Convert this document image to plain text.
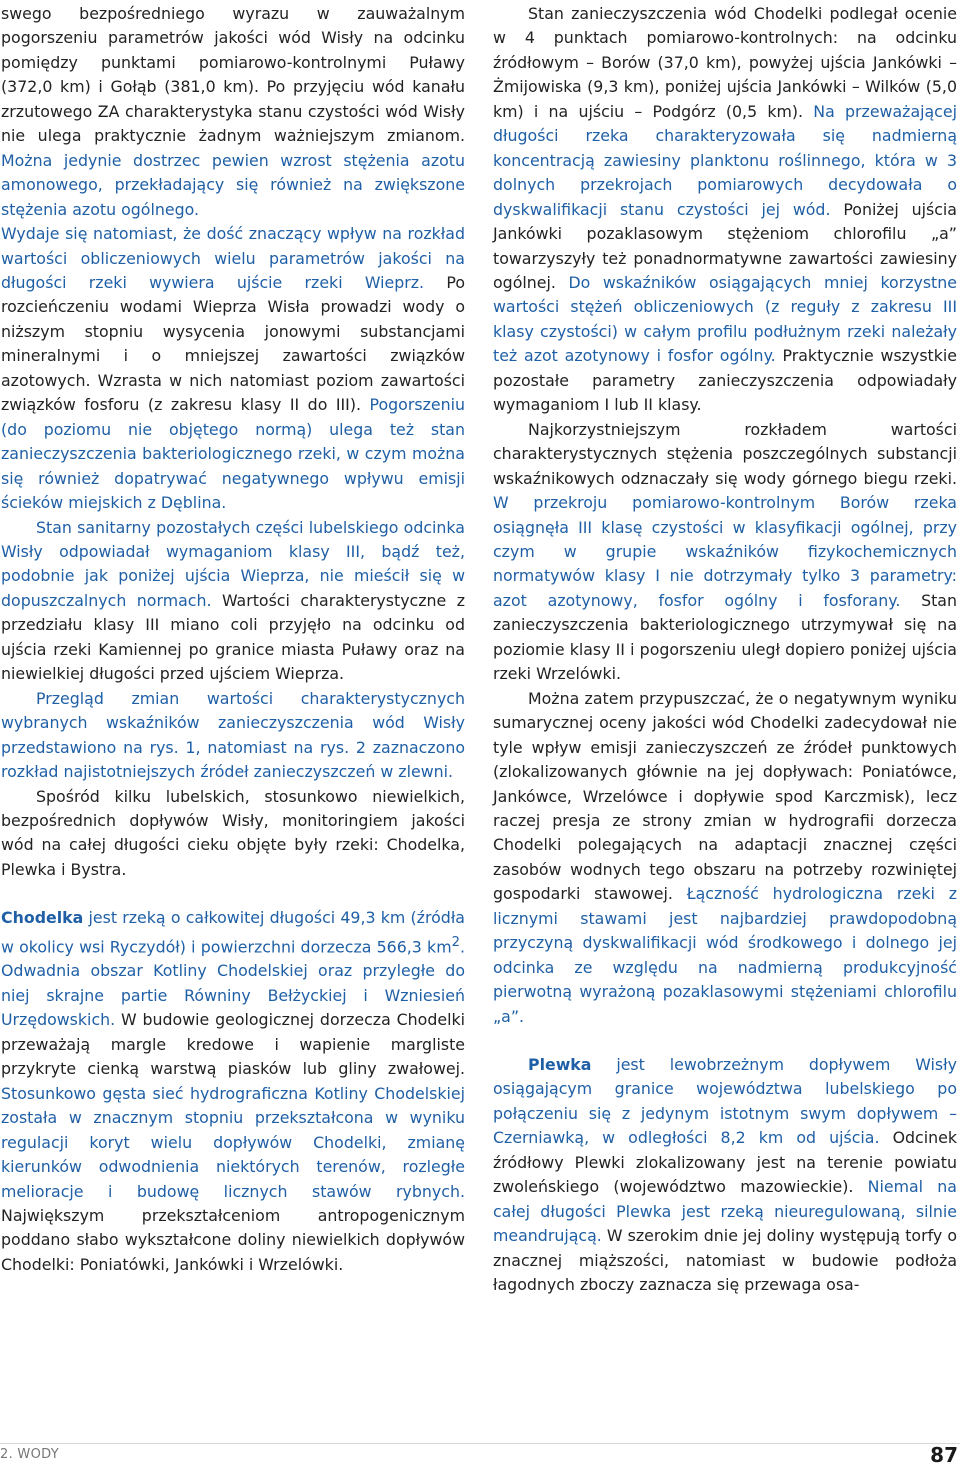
swego bezpośredniego wyrazu w zauważalnym pogorszeniu parametrów jakości wód Wisły na odcinku pomiędzy punktami pomiarowo-kontrolnymi Puławy (372,0 km) i Gołąb (381,0 km). Po przyjęciu wód kanału zrzutowego ZA charakterystyka stanu czystości wód Wisły nie ulega praktycznie żadnym ważniejszym zmianom. Można jedynie dostrzec pewien wzrost stężenia azotu amonowego, przekładający się również na zwiększone stężenia azotu ogólnego.

Wydaje się natomiast, że dość znaczący wpływ na rozkład wartości obliczeniowych wielu parametrów jakości na długości rzeki wywiera ujście rzeki Wieprz. Po rozcieńczeniu wodami Wieprza Wisła prowadzi wody o niższym stopniu wysycenia jonowymi substancjami mineralnymi i o mniejszej zawartości związków azotowych. Wzrasta w nich natomiast poziom zawartości związków fosforu (z zakresu klasy II do III). Pogorszeniu (do poziomu nie objętego normą) ulega też stan zanieczyszczenia bakteriologicznego rzeki, w czym można się również dopatrywać negatywnego wpływu emisji ścieków miejskich z Dęblina.

Stan sanitarny pozostałych części lubelskiego odcinka Wisły odpowiadał wymaganiom klasy III, bądź też, podobnie jak poniżej ujścia Wieprza, nie mieścił się w dopuszczalnych normach. Wartości charakterystyczne z przedziału klasy III miano coli przyjęło na odcinku od ujścia rzeki Kamiennej po granice miasta Puławy oraz na niewielkiej długości przed ujściem Wieprza.

Przegląd zmian wartości charakterystycznych wybranych wskaźników zanieczyszczenia wód Wisły przedstawiono na rys. 1, natomiast na rys. 2 zaznaczono rozkład najistotniejszych źródeł zanieczyszczeń w zlewni.

Spośród kilku lubelskich, stosunkowo niewielkich, bezpośrednich dopływów Wisły, monitoringiem jakości wód na całej długości cieku objęte były rzeki: Chodelka, Plewka i Bystra.

Chodelka jest rzeką o całkowitej długości 49,3 km (źródła w okolicy wsi Ryczydół) i powierzchni dorzecza 566,3 $km^2$. Odwadnia obszar Kotliny Chodelskiej oraz przyległe do niej skrajne partie Równiny Bełżyckiej i Wzniesień Urzędowskich. W budowie geologicznej dorzecza Chodelki przeważają margle kredowe i wapienie margliste przykryte cienką warstwą piasków lub gliny zwałowej. Stosunkowo gęsta sieć hydrograficzna Kotliny Chodelskiej została w znacznym stopniu przekształcona w wyniku regulacji koryt wielu dopływów Chodelki, zmianę kierunków odwodnienia niektórych terenów, rozległe melioracje i budowę licznych stawów rybnych. Największym przekształceniom antropogenicznym poddano słabo wykształcone doliny niewielkich dopływów Chodelki: Poniatówki, Jankówki i Wrzelówki.

Stan zanieczyszczenia wód Chodelki podlegał ocenie w 4 punktach pomiarowo-kontrolnych: na odcinku źródłowym – Borów (37,0 km), powyżej ujścia Jankówki – Żmijowiska (9,3 km), poniżej ujścia Jankówki – Wilków (5,0 km) i na ujściu – Podgórz (0,5 km). Na przeważającej długości rzeka charakteryzowała się nadmierną koncentracją zawiesiny planktonu roślinnego, która w 3 dolnych przekrojach pomiarowych decydowała o dyskwalifikacji stanu czystości jej wód. Poniżej ujścia Jankówki pozaklasowym stężeniom chlorofilu „a” towarzyszyły też ponadnormatywne zawartości zawiesiny ogólnej. Do wskaźników osiągających mniej korzystne wartości stężeń obliczeniowych (z reguły z zakresu III klasy czystości) w całym profilu podłużnym rzeki należały też azot azotynowy i fosfor ogólny. Praktycznie wszystkie pozostałe parametry zanieczyszczenia odpowiadały wymaganiom I lub II klasy.

Najkorzystniejszym rozkładem wartości charakterystycznych stężenia poszczególnych substancji wskaźnikowych odznaczały się wody górnego biegu rzeki. W przekroju pomiarowo-kontrolnym Borów rzeka osiągnęła III klasę czystości w klasyfikacji ogólnej, przy czym w grupie wskaźników fizykochemicznych normatywów klasy I nie dotrzymały tylko 3 parametry: azot azotynowy, fosfor ogólny i fosforany. Stan zanieczyszczenia bakteriologicznego utrzymywał się na poziomie klasy II i pogorszeniu uległ dopiero poniżej ujścia rzeki Wrzelówki.

Można zatem przypuszczać, że o negatywnym wyniku sumarycznej oceny jakości wód Chodelki zadecydował nie tyle wpływ emisji zanieczyszczeń ze źródeł punktowych (zlokalizowanych głównie na jej dopływach: Poniatówce, Jankówce, Wrzelówce i dopływie spod Karczmisk), lecz raczej presja ze strony zmian w hydrografii dorzecza Chodelki polegających na adaptacji znacznej części zasobów wodnych tego obszaru na potrzeby rozwiniętej gospodarki stawowej. Łączność hydrologiczna rzeki z licznymi stawami jest najbardziej prawdopodobną przyczyną dyskwalifikacji wód środkowego i dolnego jej odcinka ze względu na nadmierną produkcyjność pierwotną wyrażoną pozaklasowymi stężeniami chlorofilu „a”.

Plewka jest lewobrzeżnym dopływem Wisły osiągającym granice województwa lubelskiego po połączeniu się z jedynym istotnym swym dopływem – Czerniawką, w odległości 8,2 km od ujścia. Odcinek źródłowy Plewki zlokalizowany jest na terenie powiatu zwoleńskiego (województwo mazowieckie). Niemal na całej długości Plewka jest rzeką nieuregulowaną, silnie meandrującą. W szerokim dnie jej doliny występują torfy o znacznej miąższości, natomiast w budowie podłoża łagodnych zboczy zaznacza się przewaga osa-

2. WODY	87
